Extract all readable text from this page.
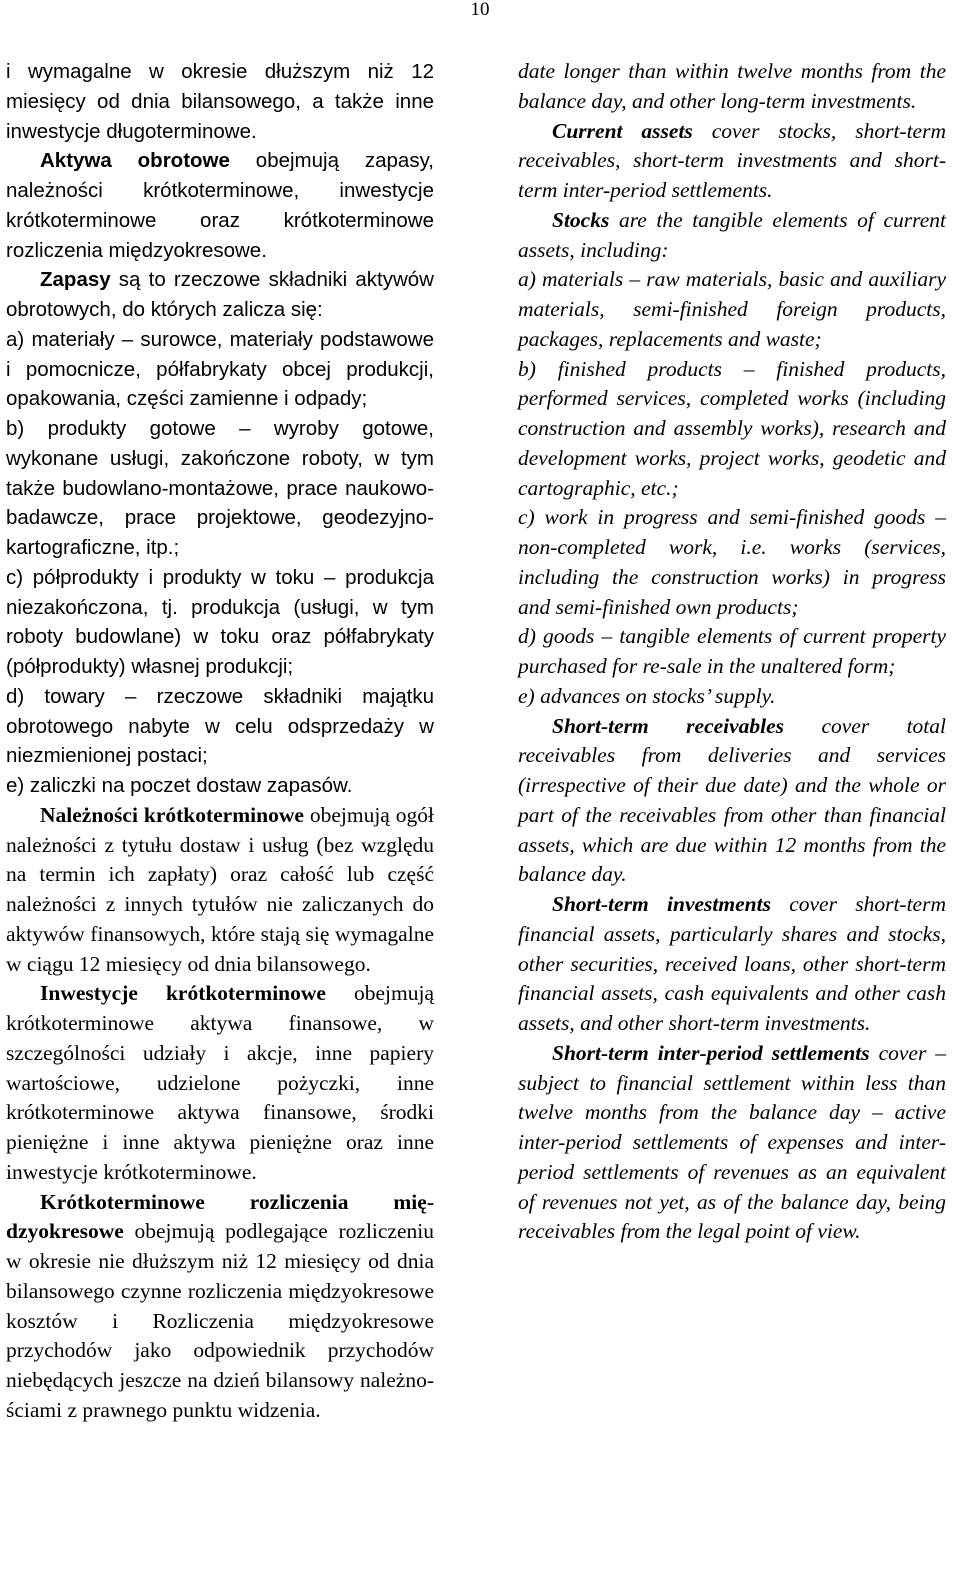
10

i wymagalne w okresie dłuższym niż 12 miesięcy od dnia bilansowego, a także inne inwestycje długoterminowe.

Aktywa obrotowe obejmują zapasy, należności krótkoterminowe, inwestycje krótkoterminowe oraz krótkoterminowe rozliczenia międzyokresowe.

Zapasy są to rzeczowe składniki aktywów obrotowych, do których zalicza się:

a) materiały – surowce, materiały podstawowe i pomocnicze, półfabrykaty obcej produkcji, opakowania, części zamienne i odpady;
b) produkty gotowe – wyroby gotowe, wykonane usługi, zakończone roboty, w tym także budowlano-montażowe, prace naukowo-badawcze, prace projektowe, geodezyjno-kartograficzne, itp.;
c) półprodukty i produkty w toku – produkcja niezakończona, tj. produkcja (usługi, w tym roboty budowlane) w toku oraz półfabrykaty (półprodukty) własnej produkcji;
d) towary – rzeczowe składniki majątku obrotowego nabyte w celu odsprzedaży w niezmienionej postaci;
e) zaliczki na poczet dostaw zapasów.

Należności krótkoterminowe obejmują ogół należności z tytułu dostaw i usług (bez względu na termin ich zapłaty) oraz całość lub część należności z innych tytułów nie zaliczanych do aktywów finansowych, które stają się wymagalne w ciągu 12 miesięcy od dnia bilansowego.

Inwestycje krótkoterminowe obejmują krótkoterminowe aktywa finansowe, w szczególności udziały i akcje, inne papiery wartościowe, udzielone pożyczki, inne krótkoterminowe aktywa finansowe, środki pieniężne i inne aktywa pieniężne oraz inne inwestycje krótkoterminowe.

Krótkoterminowe rozliczenia międzyokresowe obejmują podlegające rozliczeniu w okresie nie dłuższym niż 12 miesięcy od dnia bilansowego czynne rozliczenia międzyokresowe kosztów i Rozliczenia międzyokresowe przychodów jako odpowiednik przychodów niebędących jeszcze na dzień bilansowy należnościami z prawnego punktu widzenia.

date longer than within twelve months from the balance day, and other long-term investments.

Current assets cover stocks, short-term receivables, short-term investments and short-term inter-period settlements.

Stocks are the tangible elements of current assets, including:

a) materials – raw materials, basic and auxiliary materials, semi-finished foreign products, packages, replacements and waste;
b) finished products – finished products, performed services, completed works (including construction and assembly works), research and development works, project works, geodetic and cartographic, etc.;
c) work in progress and semi-finished goods – non-completed work, i.e. works (services, including the construction works) in progress and semi-finished own products;
d) goods – tangible elements of current property purchased for re-sale in the unaltered form;
e) advances on stocks’ supply.

Short-term receivables cover total receivables from deliveries and services (irrespective of their due date) and the whole or part of the receivables from other than financial assets, which are due within 12 months from the balance day.

Short-term investments cover short-term financial assets, particularly shares and stocks, other securities, received loans, other short-term financial assets, cash equivalents and other cash assets, and other short-term investments.

Short-term inter-period settlements cover – subject to financial settlement within less than twelve months from the balance day – active inter-period settlements of expenses and inter-period settlements of revenues as an equivalent of revenues not yet, as of the balance day, being receivables from the legal point of view.
